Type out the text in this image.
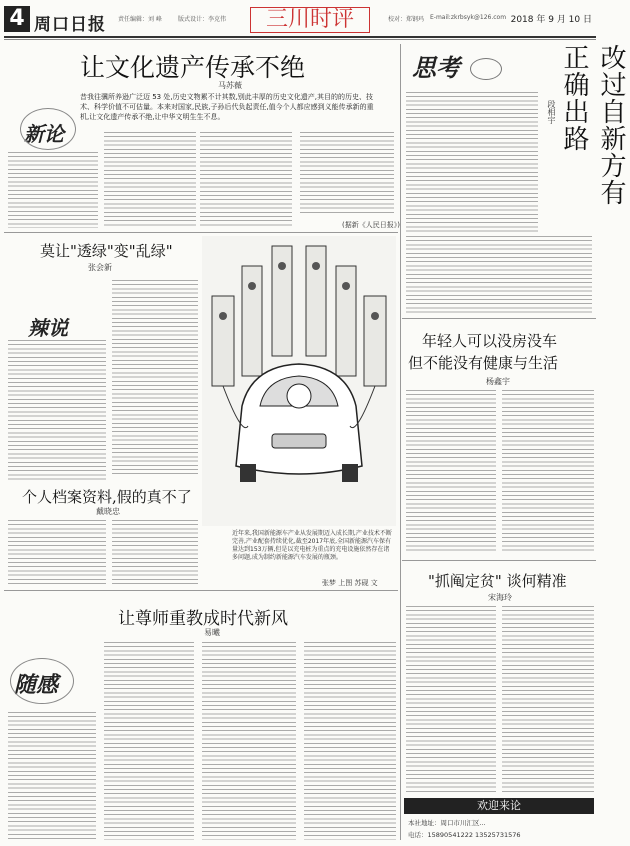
4 周口日报 责任编辑：刘 峰	版式设计：李克伟	三川时评	校对：郑钢玛 E-mail:zkrbsyk@126.com 2018 年 9 月 10 日
让文化遗产传承不绝
马苏薇
昔我往骥所养逊广泛迈 53 处,历史文物累不计其数,别此丰厚的历史文化遗产,其目的的历史、技术、科学价值不可估量。本来对国家,民族,子孙后代负起责任,值今个人都应感到义能传承新的重机,让文化遗产传承不绝,让中华文明生生不息。
新论
(据新《人民日报》)
莫让"透绿"变"乱绿"
张会新
辣说
个人档案资料,假的真不了
戴晓忠
近年来,我国新能源车产业从发展期迈入成长期,产业技术不断完善,产业配套持续优化,截至2017年底,全国新能源汽车保有量达到153万辆,但是以充电桩为重点的充电设施依然存在诸多问题,成为制约新能源汽车发展的瓶颈。
张梦 上图 苏砚 文
思考	改过自新方有正确出路
段相宇
年轻人可以没房没车
但不能没有健康与生活
杨鑫宇
让尊师重教成时代新风
易曦
随感
"抓阄定贫" 谈何精准
宋海玲
欢迎来论
本社地址：周口市川汇区...
电话：15890541222 13525731576
